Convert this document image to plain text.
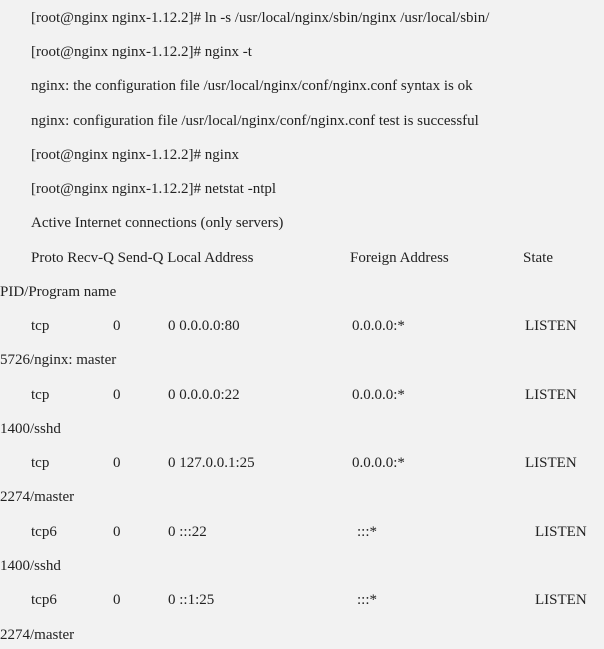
[root@nginx nginx-1.12.2]# ln -s /usr/local/nginx/sbin/nginx /usr/local/sbin/
[root@nginx nginx-1.12.2]# nginx -t
nginx: the configuration file /usr/local/nginx/conf/nginx.conf syntax is ok
nginx: configuration file /usr/local/nginx/conf/nginx.conf test is successful
[root@nginx nginx-1.12.2]# nginx
[root@nginx nginx-1.12.2]# netstat -ntpl
Active Internet connections (only servers)
Proto Recv-Q Send-Q Local Address	Foreign Address	State
PID/Program name
tcp	0	0 0.0.0.0:80	0.0.0.0:*	LISTEN
5726/nginx: master
tcp	0	0 0.0.0.0:22	0.0.0.0:*	LISTEN
1400/sshd
tcp	0	0 127.0.0.1:25	0.0.0.0:*	LISTEN
2274/master
tcp6	0	0 :::22	:::*	LISTEN
1400/sshd
tcp6	0	0 ::1:25	:::*	LISTEN
2274/master
